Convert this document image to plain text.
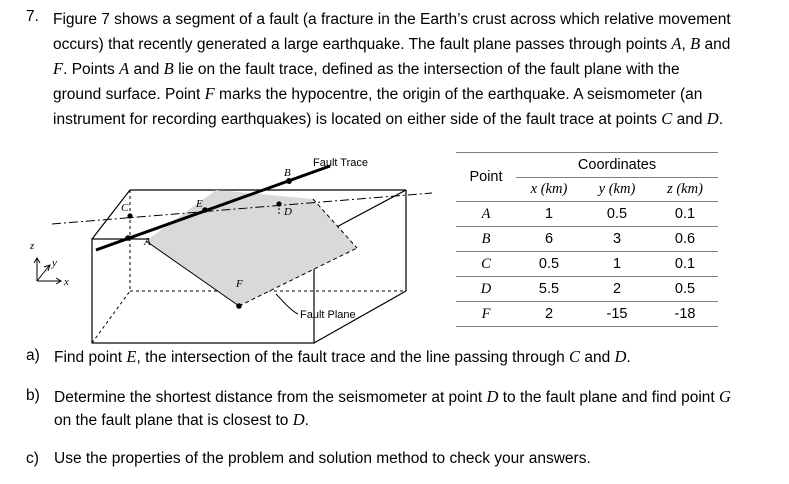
7. Figure 7 shows a segment of a fault (a fracture in the Earth’s crust across which relative movement
occurs) that recently generated a large earthquake. The fault plane passes through points A, B and
F. Points A and B lie on the fault trace, defined as the intersection of the fault plane with the
ground surface. Point F marks the hypocentre, the origin of the earthquake. A seismometer (an
instrument for recording earthquakes) is located on either side of the fault trace at points C and D.
A
B
C	D
E
F
Fault Trace
Fault Plane
z
y
x
Point	Coordinates		
	x (km)	y (km)	z (km)
A	1	0.5	0.1
B	6	3	0.6
C	0.5	1	0.1
D	5.5	2	0.5
F	2	-15	-18
a) Find point E, the intersection of the fault trace and the line passing through C and D.
b) Determine the shortest distance from the seismometer at point D to the fault plane and find point G
on the fault plane that is closest to D.
c) Use the properties of the problem and solution method to check your answers.
